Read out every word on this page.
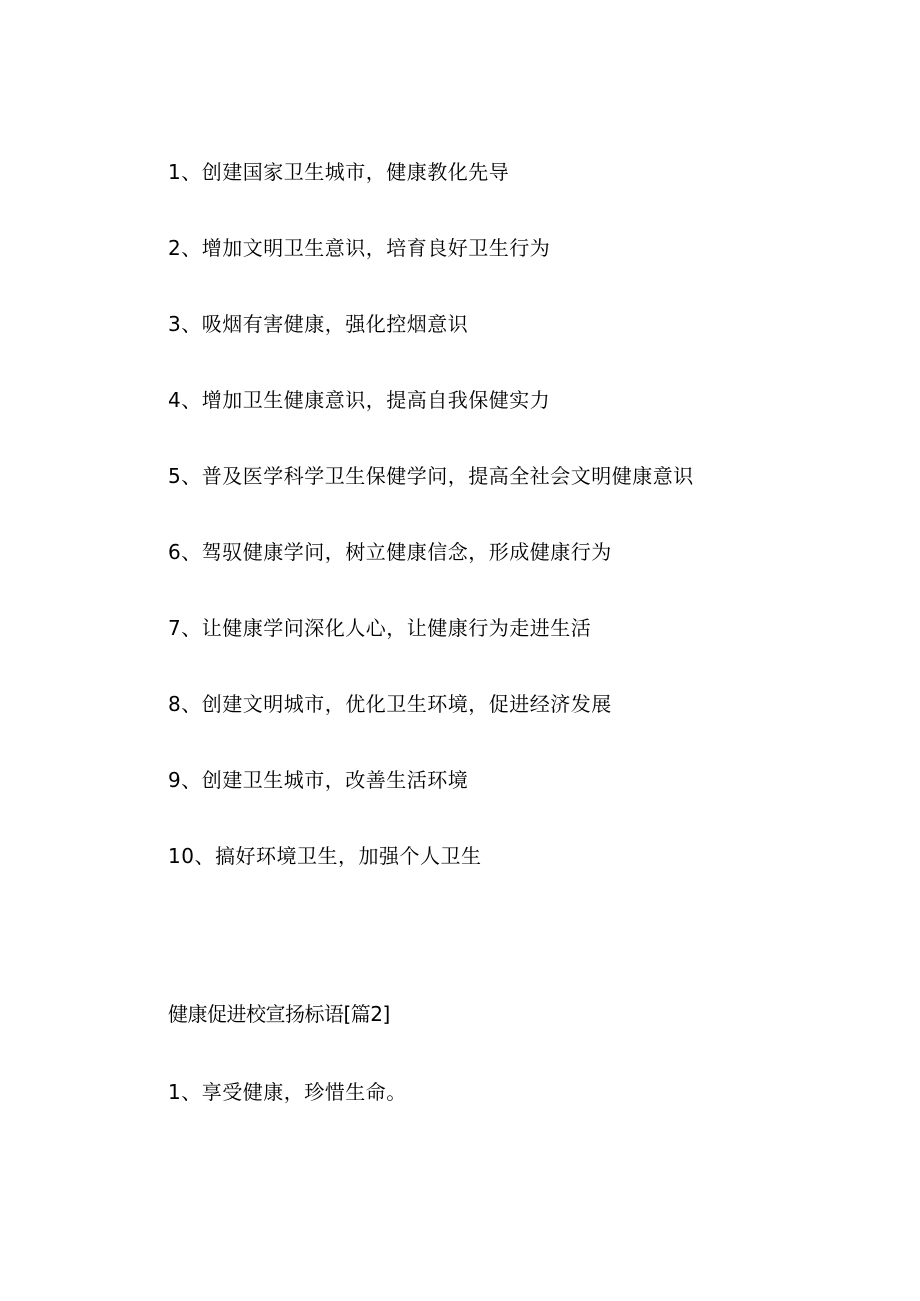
1、创建国家卫生城市，健康教化先导
2、增加文明卫生意识，培育良好卫生行为
3、吸烟有害健康，强化控烟意识
4、增加卫生健康意识，提高自我保健实力
5、普及医学科学卫生保健学问，提高全社会文明健康意识
6、驾驭健康学问，树立健康信念，形成健康行为
7、让健康学问深化人心，让健康行为走进生活
8、创建文明城市，优化卫生环境，促进经济发展
9、创建卫生城市，改善生活环境
10、搞好环境卫生，加强个人卫生
健康促进校宣扬标语[篇2]
1、享受健康，珍惜生命。
